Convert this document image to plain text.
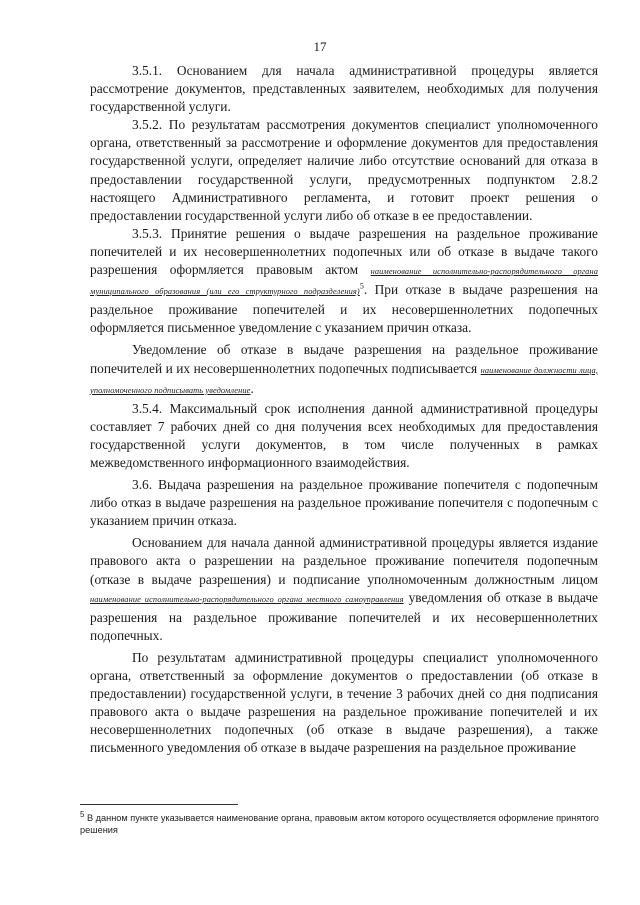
17

3.5.1. Основанием для начала административной процедуры является рассмотрение документов, представленных заявителем, необходимых для получения государственной услуги.

3.5.2. По результатам рассмотрения документов специалист уполномоченного органа, ответственный за рассмотрение и оформление документов для предоставления государственной услуги, определяет наличие либо отсутствие оснований для отказа в предоставлении государственной услуги, предусмотренных подпунктом 2.8.2 настоящего Административного регламента, и готовит проект решения о предоставлении государственной услуги либо об отказе в ее предоставлении.

3.5.3. Принятие решения о выдаче разрешения на раздельное проживание попечителей и их несовершеннолетних подопечных или об отказе в выдаче такого разрешения оформляется правовым актом наименование исполнительно-распорядительного органа муниципального образования (или его структурного подразделения)$^5$. При отказе в выдаче разрешения на раздельное проживание попечителей и их несовершеннолетних подопечных оформляется письменное уведомление с указанием причин отказа.

Уведомление об отказе в выдаче разрешения на раздельное проживание попечителей и их несовершеннолетних подопечных подписывается наименование должности лица, уполномоченного подписывать уведомление.

3.5.4. Максимальный срок исполнения данной административной процедуры составляет 7 рабочих дней со дня получения всех необходимых для предоставления государственной услуги документов, в том числе полученных в рамках межведомственного информационного взаимодействия.

3.6. Выдача разрешения на раздельное проживание попечителя с подопечным либо отказ в выдаче разрешения на раздельное проживание попечителя с подопечным с указанием причин отказа.

Основанием для начала данной административной процедуры является издание правового акта о разрешении на раздельное проживание попечителя подопечным (отказе в выдаче разрешения) и подписание уполномоченным должностным лицом наименование исполнительно-распорядительного органа местного самоуправления уведомления об отказе в выдаче разрешения на раздельное проживание попечителей и их несовершеннолетних подопечных.

По результатам административной процедуры специалист уполномоченного органа, ответственный за оформление документов о предоставлении (об отказе в предоставлении) государственной услуги, в течение 3 рабочих дней со дня подписания правового акта о выдаче разрешения на раздельное проживание попечителей и их несовершеннолетних подопечных (об отказе в выдаче разрешения), а также письменного уведомления об отказе в выдаче разрешения на раздельное проживание

$^5$ В данном пункте указывается наименование органа, правовым актом которого осуществляется оформление принятого решения
